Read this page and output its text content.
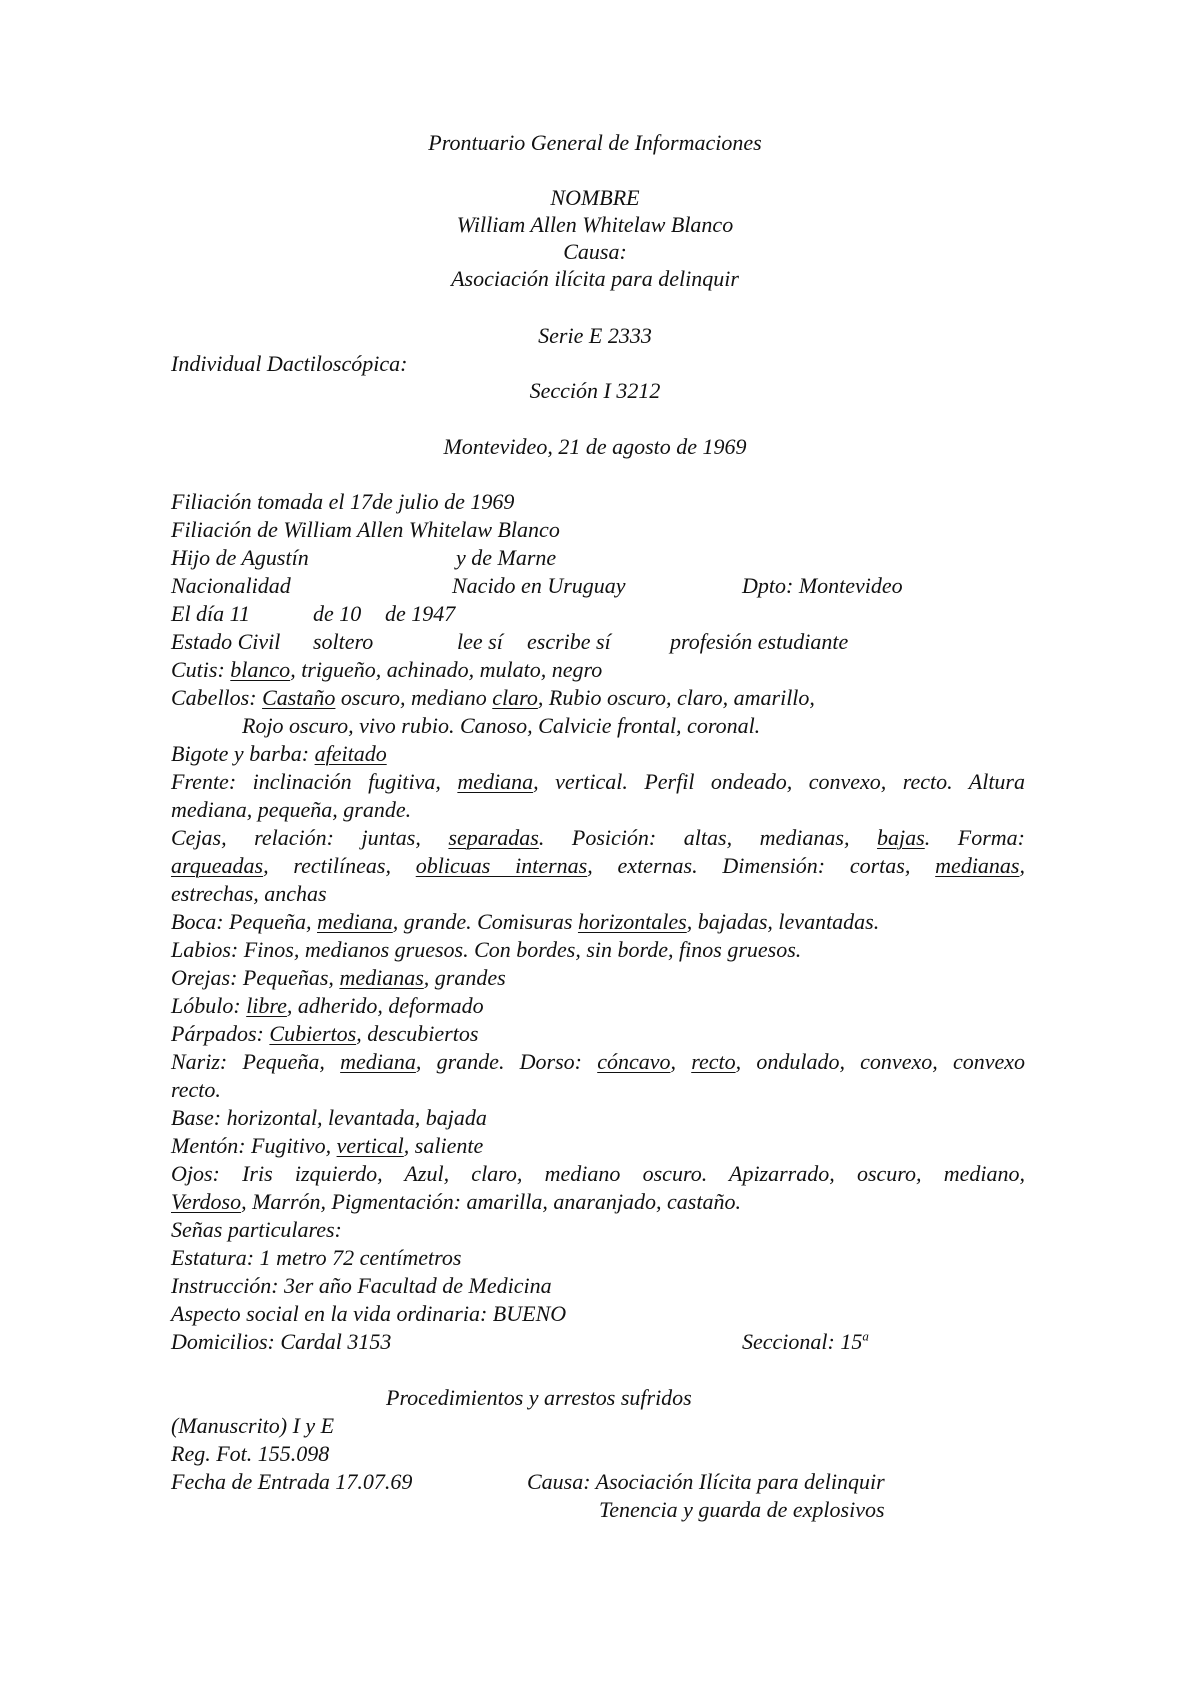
Prontuario General de Informaciones
NOMBRE
William Allen Whitelaw Blanco
Causa:
Asociación ilícita para delinquir
Serie E 2333
Individual Dactiloscópica:
Sección I 3212
Montevideo, 21 de agosto de 1969
Filiación tomada el 17de julio de 1969
Filiación de William Allen Whitelaw Blanco
Hijo de Agustín	y de Marne
Nacionalidad	Nacido en Uruguay	Dpto: Montevideo
El día 11	de 10 de 1947
Estado Civil soltero	lee sí escribe sí	profesión estudiante
Cutis: blanco, trigueño, achinado, mulato, negro
Cabellos: Castaño oscuro, mediano claro, Rubio oscuro, claro, amarillo,
Rojo oscuro, vivo rubio. Canoso, Calvicie frontal, coronal.
Bigote y barba: afeitado
Frente: inclinación fugitiva, mediana, vertical. Perfil ondeado, convexo, recto. Altura
mediana, pequeña, grande.
Cejas, relación: juntas, separadas. Posición: altas, medianas, bajas. Forma:
arqueadas, rectilíneas, oblicuas internas, externas. Dimensión: cortas, medianas,
estrechas, anchas
Boca: Pequeña, mediana, grande. Comisuras horizontales, bajadas, levantadas.
Labios: Finos, medianos gruesos. Con bordes, sin borde, finos gruesos.
Orejas: Pequeñas, medianas, grandes
Lóbulo: libre, adherido, deformado
Párpados: Cubiertos, descubiertos
Nariz: Pequeña, mediana, grande. Dorso: cóncavo, recto, ondulado, convexo, convexo
recto.
Base: horizontal, levantada, bajada
Mentón: Fugitivo, vertical, saliente
Ojos: Iris izquierdo, Azul, claro, mediano oscuro. Apizarrado, oscuro, mediano,
Verdoso, Marrón, Pigmentación: amarilla, anaranjado, castaño.
Señas particulares:
Estatura: 1 metro 72 centímetros
Instrucción: 3er año Facultad de Medicina
Aspecto social en la vida ordinaria: BUENO
Domicilios: Cardal 3153	Seccional: 15$^a$
Procedimientos y arrestos sufridos
(Manuscrito) I y E
Reg. Fot. 155.098
Fecha de Entrada 17.07.69	Causa: Asociación Ilícita para delinquir
Tenencia y guarda de explosivos
